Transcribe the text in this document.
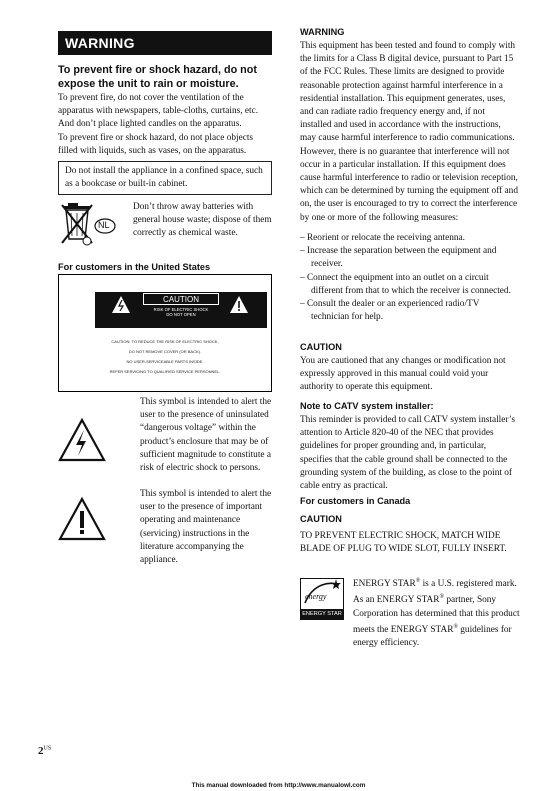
WARNING
To prevent fire or shock hazard, do not expose the unit to rain or moisture.

To prevent fire, do not cover the ventilation of the apparatus with newspapers, table-cloths, curtains, etc. And don’t place lighted candles on the apparatus.

To prevent fire or shock hazard, do not place objects filled with liquids, such as vases, on the apparatus.

Do not install the appliance in a confined space, such as a bookcase or built-in cabinet.
NL
Don’t throw away batteries with general house waste; dispose of them correctly as chemical waste.
For customers in the United States
CAUTION
RISK OF ELECTRIC SHOCK
DO NOT OPEN
CAUTION: TO REDUCE THE RISK OF ELECTRIC SHOCK,
DO NOT REMOVE COVER (OR BACK).
NO USER-SERVICEABLE PARTS INSIDE.
REFER SERVICING TO QUALIFIED SERVICE PERSONNEL.
This symbol is intended to alert the user to the presence of uninsulated “dangerous voltage” within the product’s enclosure that may be of sufficient magnitude to constitute a risk of electric shock to persons.
This symbol is intended to alert the user to the presence of important operating and maintenance (servicing) instructions in the literature accompanying the appliance.
$2^{US}$
WARNING
This equipment has been tested and found to comply with the limits for a Class B digital device, pursuant to Part 15 of the FCC Rules. These limits are designed to provide reasonable protection against harmful interference in a residential installation. This equipment generates, uses, and can radiate radio frequency energy and, if not installed and used in accordance with the instructions, may cause harmful interference to radio communications. However, there is no guarantee that interference will not occur in a particular installation. If this equipment does cause harmful interference to radio or television reception, which can be determined by turning the equipment off and on, the user is encouraged to try to correct the interference by one or more of the following measures:
– Reorient or relocate the receiving antenna.
– Increase the separation between the equipment and receiver.
– Connect the equipment into an outlet on a circuit different from that to which the receiver is connected.
– Consult the dealer or an experienced radio/TV technician for help.
CAUTION
You are cautioned that any changes or modification not expressly approved in this manual could void your authority to operate this equipment.
Note to CATV system installer:
This reminder is provided to call CATV system installer’s attention to Article 820-40 of the NEC that provides guidelines for proper grounding and, in particular, specifies that the cable ground shall be connected to the grounding system of the building, as close to the point of cable entry as practical.
For customers in Canada
CAUTION
TO PREVENT ELECTRIC SHOCK, MATCH WIDE BLADE OF PLUG TO WIDE SLOT, FULLY INSERT.
energy
ENERGY STAR
ENERGY STAR® is a U.S. registered mark. As an ENERGY STAR® partner, Sony Corporation has determined that this product meets the ENERGY STAR® guidelines for energy efficiency.
This manual downloaded from http://www.manualowl.com
